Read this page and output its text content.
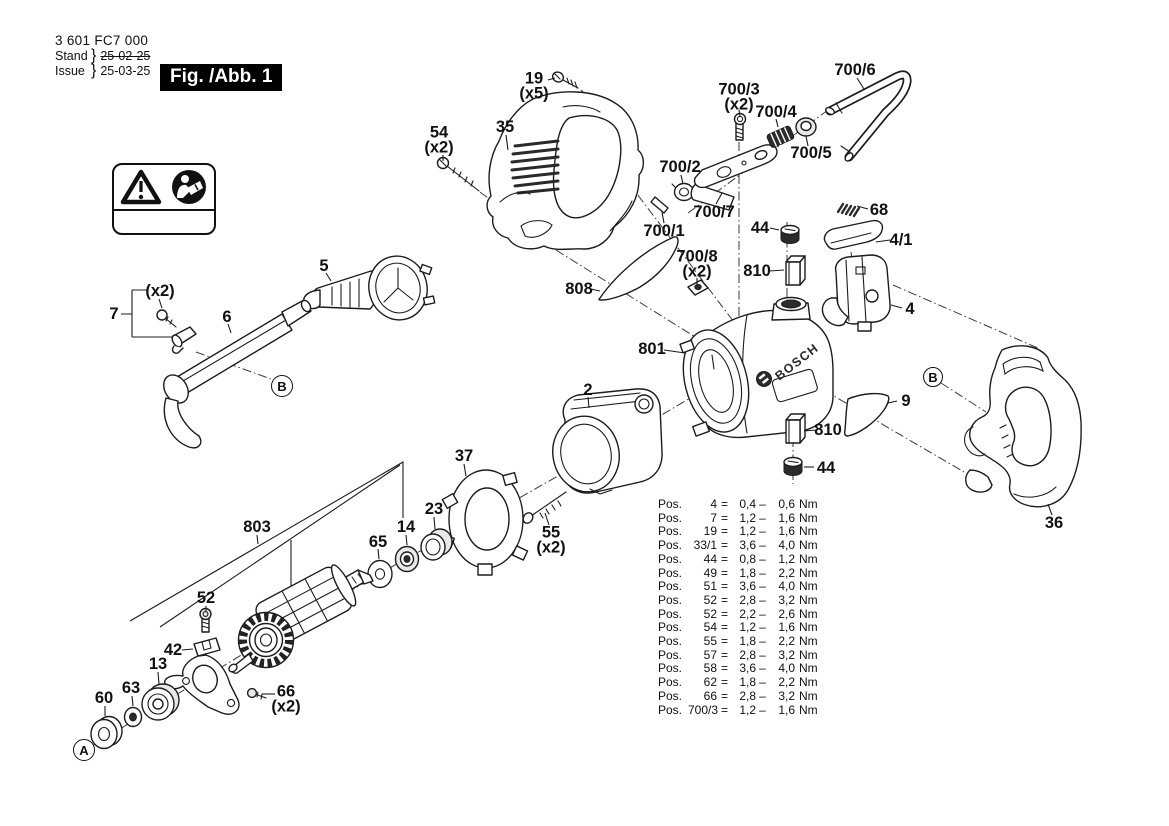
BOSCH
3 601 FC7 000
Stand } 25-02-25
Issue } 25-03-25	Fig. /Abb. 1	19
(x5)
35
54
(x2)
700/3
(x2) 700/4
700/6
700/5
700/2
700/7
700/1
68
44
4/1
700/8
(x2)	810
808
801
4
5
6
7
(x2)
2
9
810
44
37
23
14
65
55
(x2)
803	36
52
42
13
63
60	66
(x2)
B
B
A
Pos.	4 = 0,4 –	0,6 Nm
Pos.	7 = 1,2 –	1,6 Nm
Pos.	19 = 1,2 –	1,6 Nm
Pos. 33/1 = 3,6 –	4,0 Nm
Pos.	44 = 0,8 –	1,2 Nm
Pos.	49 = 1,8 –	2,2 Nm
Pos.	51 = 3,6 –	4,0 Nm
Pos.	52 = 2,8 –	3,2 Nm
Pos.	52 = 2,2 –	2,6 Nm
Pos.	54 = 1,2 –	1,6 Nm
Pos.	55 = 1,8 –	2,2 Nm
Pos.	57 = 2,8 –	3,2 Nm
Pos.	58 = 3,6 –	4,0 Nm
Pos.	62 = 1,8 –	2,2 Nm
Pos.	66 = 2,8 –	3,2 Nm
Pos. 700/3 = 1,2 –	1,6 Nm
